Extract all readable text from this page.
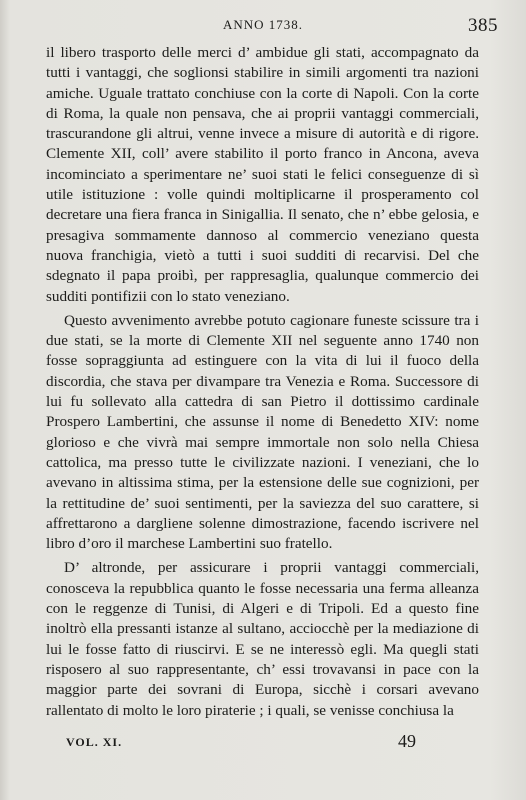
ANNO 1738.	385

il libero trasporto delle merci d’ ambidue gli stati, accompagnato da tutti i vantaggi, che soglionsi stabilire in simili argomenti tra nazioni amiche. Uguale trattato conchiuse con la corte di Napoli. Con la corte di Roma, la quale non pensava, che ai proprii vantaggi commerciali, trascurandone gli altrui, venne invece a misure di autorità e di rigore. Clemente XII, coll’ avere stabilito il porto franco in Ancona, aveva incominciato a sperimentare ne’ suoi stati le felici conseguenze di sì utile istituzione : volle quindi moltiplicarne il prosperamento col decretare una fiera franca in Sinigallia. Il senato, che n’ ebbe gelosia, e presagiva sommamente dannoso al commercio veneziano questa nuova franchigia, vietò a tutti i suoi sudditi di recarvisi. Del che sdegnato il papa proibì, per rappresaglia, qualunque commercio dei sudditi pontifizii con lo stato veneziano.

Questo avvenimento avrebbe potuto cagionare funeste scissure tra i due stati, se la morte di Clemente XII nel seguente anno 1740 non fosse sopraggiunta ad estinguere con la vita di lui il fuoco della discordia, che stava per divampare tra Venezia e Roma. Successore di lui fu sollevato alla cattedra di san Pietro il dottissimo cardinale Prospero Lambertini, che assunse il nome di Benedetto XIV: nome glorioso e che vivrà mai sempre immortale non solo nella Chiesa cattolica, ma presso tutte le civilizzate nazioni. I veneziani, che lo avevano in altissima stima, per la estensione delle sue cognizioni, per la rettitudine de’ suoi sentimenti, per la saviezza del suo carattere, si affrettarono a dargliene solenne dimostrazione, facendo iscrivere nel libro d’oro il marchese Lambertini suo fratello.

D’ altronde, per assicurare i proprii vantaggi commerciali, conosceva la repubblica quanto le fosse necessaria una ferma alleanza con le reggenze di Tunisi, di Algeri e di Tripoli. Ed a questo fine inoltrò ella pressanti istanze al sultano, acciocchè per la mediazione di lui le fosse fatto di riuscirvi. E se ne interessò egli. Ma quegli stati risposero al suo rappresentante, ch’ essi trovavansi in pace con la maggior parte dei sovrani di Europa, sicchè i corsari avevano rallentato di molto le loro piraterie ; i quali, se venisse conchiusa la

VOL. XI.	49
